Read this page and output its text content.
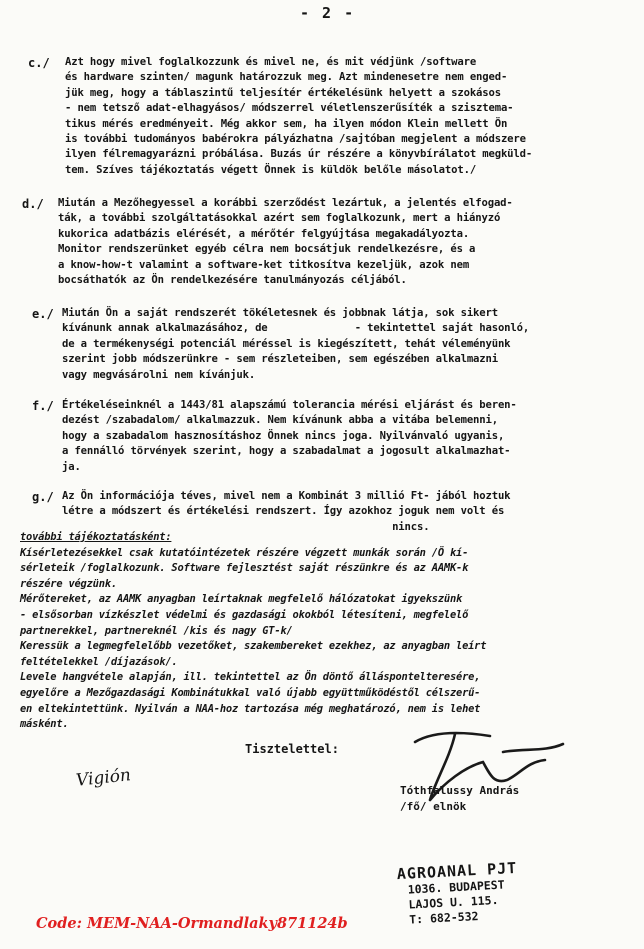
- 2 -
c./ Azt hogy mivel foglalkozzunk és mivel ne, és mit védjünk /software
és hardware szinten/ magunk határozzuk meg. Azt mindenesetre nem enged-
jük meg, hogy a táblaszintű teljesítér értékelésünk helyett a szokásos
- nem tetsző adat-elhagyásos/ módszerrel véletlenszerűsíték a szisztema-
tikus mérés eredményeit. Még akkor sem, ha ilyen módon Klein mellett Ön
is további tudományos babérokra pályázhatna /sajtóban megjelent a módszere
ilyen félremagyarázni próbálása. Buzás úr részére a könyvbírálatot megküld-
tem. Szíves tájékoztatás végett Önnek is küldök belőle másolatot./
d./ Miután a Mezőhegyessel a korábbi szerződést lezártuk, a jelentés elfogad-
ták, a további szolgáltatásokkal azért sem foglalkozunk, mert a hiányzó
kukorica adatbázis elérését, a mérőtér felgyújtása megakadályozta.
Monitor rendszerünket egyéb célra nem bocsátjuk rendelkezésre, és a
a know-how-t valamint a software-ket titkosítva kezeljük, azok nem
bocsáthatók az Ön rendelkezésére tanulmányozás céljából.
e./ Miután Ön a saját rendszerét tökéletesnek és jobbnak látja, sok sikert
kívánunk annak alkalmazásához, de              - tekintettel saját hasonló,
de a termékenységi potenciál méréssel is kiegészített, tehát véleményünk
szerint jobb módszerünkre - sem részleteiben, sem egészében alkalmazni
vagy megvásárolni nem kívánjuk.
f./ Értékeléseinknél a 1443/81 alapszámú tolerancia mérési eljárást és beren-
dezést /szabadalom/ alkalmazzuk. Nem kívánunk abba a vitába belemenni,
hogy a szabadalom hasznosításhoz Önnek nincs joga. Nyilvánvaló ugyanis,
a fennálló törvények szerint, hogy a szabadalmat a jogosult alkalmazhat-
ja.
g./ Az Ön információja téves, mivel nem a Kombinát 3 millió Ft- jából hoztuk
létre a módszert és értékelési rendszert. Így azokhoz joguk nem volt és
nincs.
további tájékoztatásként:
Kísérletezésekkel csak kutatóintézetek részére végzett munkák során /Ö kí-
sérleteik /foglalkozunk. Software fejlesztést saját részünkre és az AAMK-k
részére végzünk.
Mérőtereket, az AAMK anyagban leírtaknak megfelelő hálózatokat igyekszünk
- elsősorban vízkészlet védelmi és gazdasági okokból létesíteni, megfelelő
partnerekkel, partnereknél /kis és nagy GT-k/
Keressük a legmegfelelőbb vezetőket, szakembereket ezekhez, az anyagban leírt
feltételekkel /díjazások/.
Levele hangvétele alapján, ill. tekintettel az Ön döntő álláspontelteresére,
egyelőre a Mezőgazdasági Kombinátukkal való újabb együttműködéstől célszerű-
en eltekintettünk. Nyilván a NAA-hoz tartozása még meghatározó, nem is lehet
másként.
Tisztelettel:
Vigión	Tóthfalussy András
/fő/ elnök
AGROANAL PJT
1036. BUDAPEST
LAJOS U. 115.
T: 682-532
Code: MEM-NAA-Ormandlaky871124b
